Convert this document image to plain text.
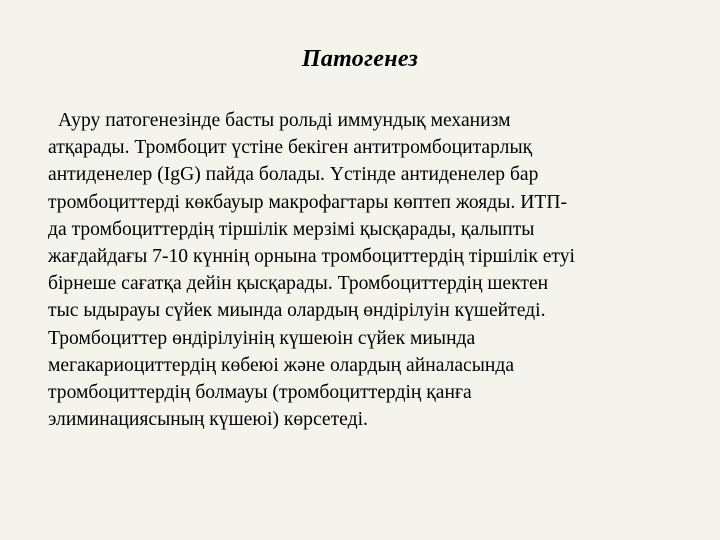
Патогенез
Ауру патогенезінде басты рольді иммундық механизм
атқарады. Тромбоцит үстіне бекіген антитромбоцитарлық
антиденелер (IgG) пайда болады. Үстінде антиденелер бар
тромбоциттерді көкбауыр макрофагтары көптеп жояды. ИТП-
да тромбоциттердің тіршілік мерзімі қысқарады, қалыпты
жағдайдағы 7-10 күннің орнына тромбоциттердің тіршілік етуі
бірнеше сағатқа дейін қысқарады. Тромбоциттердің шектен
тыс ыдырауы сүйек миында олардың өндірілуін күшейтеді.
Тромбоциттер өндірілуінің күшеюін сүйек миында
мегакариоциттердің көбеюі және олардың айналасында
тромбоциттердің болмауы (тромбоциттердің қанға
элиминациясының күшеюі) көрсетеді.
